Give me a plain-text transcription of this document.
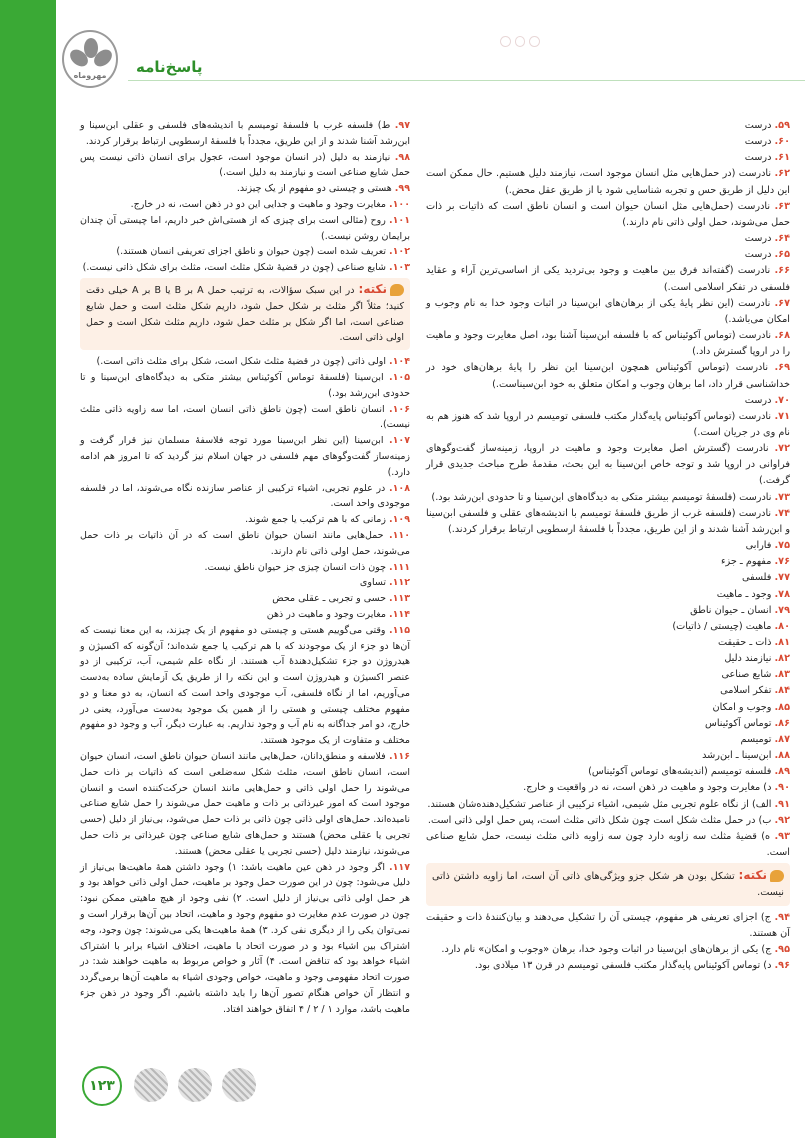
مهروماه	پاسخ‌نامه

۵۹. درست

۶۰. درست

۶۱. درست

۶۲. نادرست (در حمل‌هایی مثل انسان موجود است، نیازمند دلیل هستیم. حال ممکن است این دلیل از طریق حس و تجربه شناسایی شود یا از طریق عقل محض.)

۶۳. نادرست (حمل‌هایی مثل انسان حیوان است و انسان ناطق است که ذاتیات بر ذات حمل می‌شوند، حمل اولی ذاتی نام دارند.)

۶۴. درست

۶۵. درست

۶۶. نادرست (گفته‌اند فرق بین ماهیت و وجود بی‌تردید یکی از اساسی‌ترین آراء و عقاید فلسفی در تفکر اسلامی است.)

۶۷. نادرست (این نظر پایهٔ یکی از برهان‌های ابن‌سینا در اثبات وجود خدا به نام وجوب و امکان می‌باشد.)

۶۸. نادرست (توماس آکوئیناس که با فلسفه ابن‌سینا آشنا بود، اصل مغایرت وجود و ماهیت را در اروپا گسترش داد.)

۶۹. نادرست (توماس آکوئیناس همچون ابن‌سینا این نظر را پایهٔ برهان‌های خود در خداشناسی قرار داد، اما برهان وجوب و امکان متعلق به خود ابن‌سیناست.)

۷۰. درست

۷۱. نادرست (توماس آکوئیناس پایه‌گذار مکتب فلسفی تومیسم در اروپا شد که هنوز هم به نام وی در جریان است.)

۷۲. نادرست (گسترش اصل مغایرت وجود و ماهیت در اروپا، زمینه‌ساز گفت‌وگوهای فراوانی در اروپا شد و توجه خاص ابن‌سینا به این بحث، مقدمهٔ طرح مباحث جدیدی قرار گرفت.)

۷۳. نادرست (فلسفهٔ تومیسم بیشتر متکی به دیدگاه‌های ابن‌سینا و تا حدودی ابن‌رشد بود.)

۷۴. نادرست (فلسفه غرب از طریق فلسفهٔ تومیسم با اندیشه‌های عقلی و فلسفی ابن‌سینا و ابن‌رشد آشنا شدند و از این طریق، مجدداً با فلسفهٔ ارسطویی ارتباط برقرار کردند.)

۷۵. فارابی

۷۶. مفهوم ـ جزء

۷۷. فلسفی

۷۸. وجود ـ ماهیت

۷۹. انسان ـ حیوان ناطق

۸۰. ماهیت (چیستی / ذاتیات)

۸۱. ذات ـ حقیقت

۸۲. نیازمند دلیل

۸۳. شایع صناعی

۸۴. تفکر اسلامی

۸۵. وجوب و امکان

۸۶. توماس آکوئیناس

۸۷. تومیسم

۸۸. ابن‌سینا ـ ابن‌رشد

۸۹. فلسفه تومیسم (اندیشه‌های توماس آکوئیناس)

۹۰. د) مغایرت وجود و ماهیت در ذهن است، نه در واقعیت و خارج.

۹۱. الف) از نگاه علوم تجربی مثل شیمی، اشیاء ترکیبی از عناصر تشکیل‌دهنده‌شان هستند.

۹۲. ب) در حمل مثلث شکل است چون شکل ذاتی مثلث است، پس حمل اولی ذاتی است.

۹۳. ه) قضیهٔ مثلث سه زاویه دارد چون سه زاویه ذاتی مثلث نیست، حمل شایع صناعی است.

نکته: تشکل بودن هر شکل جزو ویژگی‌های ذاتی آن است، اما زاویه داشتن ذاتی نیست.

۹۴. ج) اجزای تعریفی هر مفهوم، چیستی آن را تشکیل می‌دهند و بیان‌کنندهٔ ذات و حقیقت آن هستند.

۹۵. ج) یکی از برهان‌های ابن‌سینا در اثبات وجود خدا، برهان «وجوب و امکان» نام دارد.

۹۶. د) توماس آکوئیناس پایه‌گذار مکتب فلسفی تومیسم در قرن ۱۳ میلادی بود.

۹۷. ط) فلسفه غرب با فلسفهٔ تومیسم با اندیشه‌های فلسفی و عقلی ابن‌سینا و ابن‌رشد آشنا شدند و از این طریق، مجدداً با فلسفهٔ ارسطویی ارتباط برقرار کردند.

۹۸. نیازمند به دلیل (در انسان موجود است، عجول برای انسان ذاتی نیست پس حمل شایع صناعی است و نیازمند به دلیل است.)

۹۹. هستی و چیستی دو مفهوم از یک چیزند.

۱۰۰. مغایرت وجود و ماهیت و جدایی این دو در ذهن است، نه در خارج.

۱۰۱. روح (مثالی است برای چیزی که از هستی‌اش خبر داریم، اما چیستی آن چندان برایمان روشن نیست.)

۱۰۲. تعریف شده است (چون حیوان و ناطق اجزای تعریفی انسان هستند.)

۱۰۳. شایع صناعی (چون در قضیهٔ شکل مثلث است، مثلث برای شکل ذاتی نیست.)

نکته: در این سبک سؤالات، به ترتیب حمل A بر B یا B بر A خیلی دقت کنید؛ مثلاً اگر مثلث بر شکل حمل شود، داریم شکل مثلث است و حمل شایع صناعی است، اما اگر شکل بر مثلث حمل شود، داریم مثلث شکل است و حمل اولی ذاتی است.

۱۰۴. اولی ذاتی (چون در قضیهٔ مثلث شکل است، شکل برای مثلث ذاتی است.)

۱۰۵. ابن‌سینا (فلسفهٔ توماس آکوئیناس بیشتر متکی به دیدگاه‌های ابن‌سینا و تا حدودی ابن‌رشد بود.)

۱۰۶. انسان ناطق است (چون ناطق ذاتی انسان است، اما سه زاویه ذاتی مثلث نیست).

۱۰۷. ابن‌سینا (این نظر ابن‌سینا مورد توجه فلاسفهٔ مسلمان نیز قرار گرفت و زمینه‌ساز گفت‌وگوهای مهم فلسفی در جهان اسلام نیز گردید که تا امروز هم ادامه دارد.)

۱۰۸. در علوم تجربی، اشیاء ترکیبی از عناصر سازنده نگاه می‌شوند، اما در فلسفه موجودی واحد است.

۱۰۹. زمانی که با هم ترکیب یا جمع شوند.

۱۱۰. حمل‌هایی مانند انسان حیوان ناطق است که در آن ذاتیات بر ذات حمل می‌شوند، حمل اولی ذاتی نام دارند.

۱۱۱. چون ذات انسان چیزی جز حیوان ناطق نیست.

۱۱۲. تساوی

۱۱۳. حسی و تجربی ـ عقلی محض

۱۱۴. مغایرت وجود و ماهیت در ذهن

۱۱۵. وقتی می‌گوییم هستی و چیستی دو مفهوم از یک چیزند، به این معنا نیست که آن‌ها دو جزء از یک موجودند که با هم ترکیب یا جمع شده‌اند؛ آن‌گونه که اکسیژن و هیدروژن دو جزء تشکیل‌دهندهٔ آب هستند. از نگاه علم شیمی، آب، ترکیبی از دو عنصر اکسیژن و هیدروژن است و این نکته را از طریق یک آزمایش ساده به‌دست می‌آوریم، اما از نگاه فلسفی، آب موجودی واحد است که انسان، به دو معنا و دو مفهوم مختلف چیستی و هستی را از همین یک موجود به‌دست می‌آورد، یعنی در خارج، دو امر جداگانه به نام آب و وجود نداریم. به عبارت دیگر، آب و وجود دو مفهوم مختلف و متفاوت از یک موجود هستند.

۱۱۶. فلاسفه و منطق‌دانان، حمل‌هایی مانند انسان حیوان ناطق است، انسان حیوان است، انسان ناطق است، مثلث شکل سه‌ضلعی است که ذاتیات بر ذات حمل می‌شوند را حمل اولی ذاتی و حمل‌هایی مانند انسان حرکت‌کننده است و انسان موجود است که امور غیرذاتی بر ذات و ماهیت حمل می‌شوند را حمل شایع صناعی نامیده‌اند. حمل‌های اولی ذاتی چون ذاتی بر ذات حمل می‌شود، بی‌نیاز از دلیل (حسی تجربی یا عقلی محض) هستند و حمل‌های شایع صناعی چون غیرذاتی بر ذات حمل می‌شوند، نیازمند دلیل (حسی تجربی یا عقلی محض) هستند.

۱۱۷. اگر وجود در ذهن عین ماهیت باشد: ۱) وجود داشتن همهٔ ماهیت‌ها بی‌نیاز از دلیل می‌شود: چون در این صورت حمل وجود بر ماهیت، حمل اولی ذاتی خواهد بود و هر حمل اولی ذاتی بی‌نیاز از دلیل است. ۲) نفی وجود از هیچ ماهیتی ممکن نبود: چون در صورت عدم مغایرت دو مفهوم وجود و ماهیت، اتحاد بین آن‌ها برقرار است و نمی‌توان یکی را از دیگری نفی کرد. ۳) همهٔ ماهیت‌ها یکی می‌شوند: چون وجود، وجه اشتراک بین اشیاء بود و در صورت اتحاد با ماهیت، اختلاف اشیاء برابر با اشتراک اشیاء خواهد بود که تناقض است. ۴) آثار و خواص مربوط به ماهیت خواهند شد: در صورت اتحاد مفهومی وجود و ماهیت، خواص وجودی اشیاء به ماهیت آن‌ها برمی‌گردد و انتظار آن خواص هنگام تصور آن‌ها را باید داشته باشیم. اگر وجود در ذهن جزء ماهیت باشد، موارد ۱ / ۲ / ۴ اتفاق خواهند افتاد.

۱۲۳
